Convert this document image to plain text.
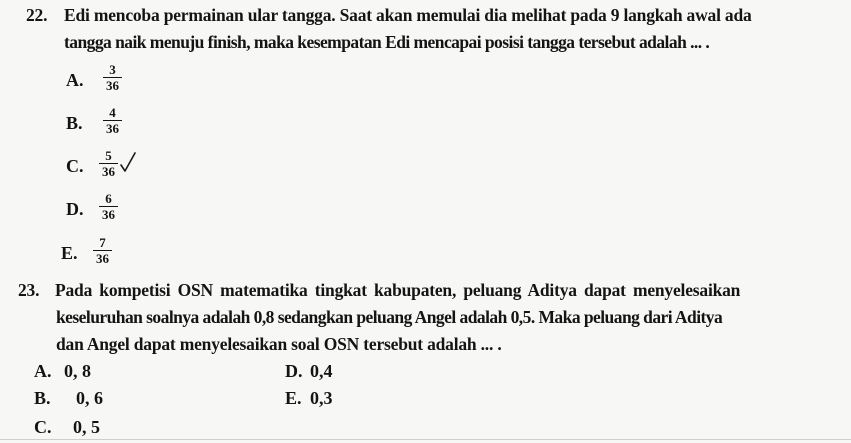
22. Edi mencoba permainan ular tangga. Saat akan memulai dia melihat pada 9 langkah awal ada
tangga naik menuju finish, maka kesempatan Edi mencapai posisi tangga tersebut adalah ... .
A.
3
36
B.
4
36
C.
5
36
D.
6
36
E.
7
36
23. Pada kompetisi OSN matematika tingkat kabupaten, peluang Aditya dapat menyelesaikan
keseluruhan soalnya adalah 0,8 sedangkan peluang Angel adalah 0,5. Maka peluang dari Aditya
dan Angel dapat menyelesaikan soal OSN tersebut adalah ... .
A. 0, 8
B. 0, 6
C. 0, 5
D. 0,4
E. 0,3
